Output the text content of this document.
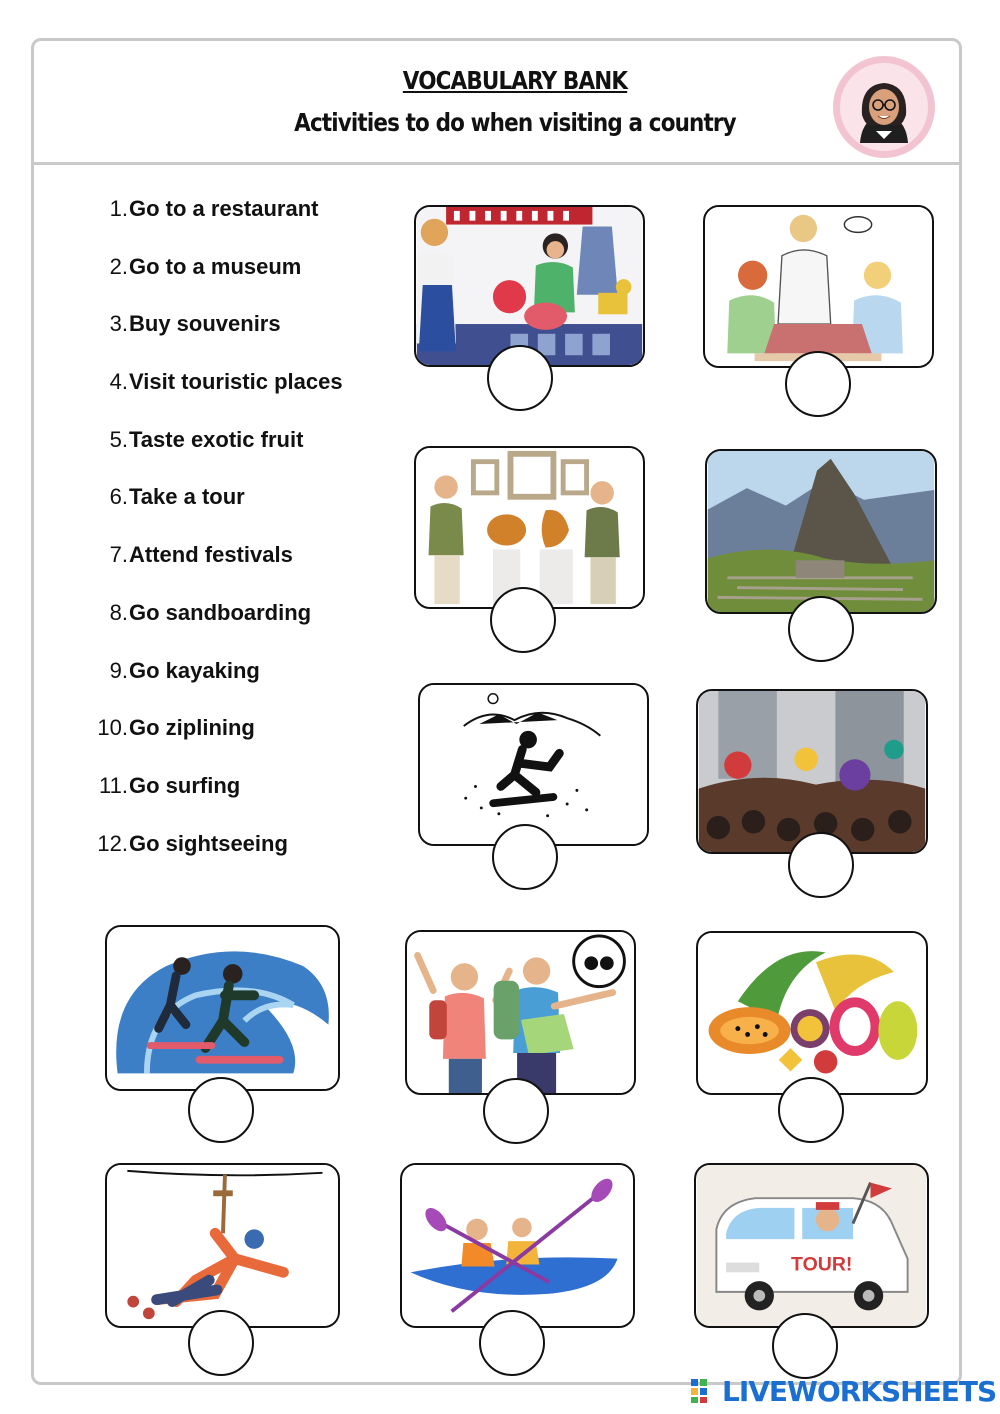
VOCABULARY BANK
Activities to do when visiting a country
1. Go to a restaurant
2. Go to a museum
3. Buy souvenirs
4. Visit touristic places
5. Taste exotic fruit
6. Take a tour
7. Attend festivals
8. Go sandboarding
9. Go kayaking
10. Go ziplining
11. Go surfing
12. Go sightseeing
TOUR!
LIVEWORKSHEETS
